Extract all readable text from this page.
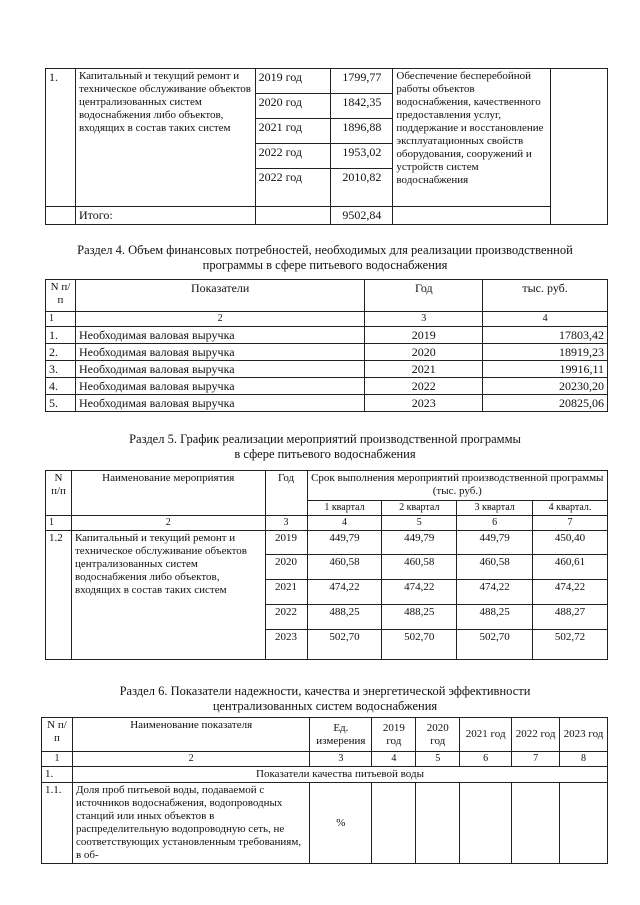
1.	Капитальный и текущий ремонт и техническое обслуживание объектов централизованных систем водоснабжения либо объектов, входящих в состав таких систем	2019 год	1799,77	Обеспечение бесперебойной работы объектов водоснабжения, качественного предоставления услуг, поддержание и восстановление эксплуатационных свойств оборудования, сооружений и устройств систем водоснабжения	
		2020 год	1842,35		
		2021 год	1896,88		
		2022 год	1953,02		
		2022 год	2010,82		
	Итого:		9502,84		
Раздел 4. Объем финансовых потребностей, необходимых для реализации производственной
программы в сфере питьевого водоснабжения
N п/п	Показатели	Год	тыс. руб.
1	2	3	4
1.	Необходимая валовая выручка	2019	17803,42
2.	Необходимая валовая выручка	2020	18919,23
3.	Необходимая валовая выручка	2021	19916,11
4.	Необходимая валовая выручка	2022	20230,20
5.	Необходимая валовая выручка	2023	20825,06
Раздел 5. График реализации мероприятий производственной программы
в сфере питьевого водоснабжения
N п/п	Наименование мероприятия	Год	Срок выполнения мероприятий производственной программы (тыс. руб.)			
			1 квартал	2 квартал	3 квартал	4 квартал.
1	2	3	4	5	6	7
1.2	Капитальный и текущий ремонт и техническое обслуживание объектов централизованных систем водоснабжения либо объектов, входящих в состав таких систем	2019	449,79	449,79	449,79	450,40
		2020	460,58	460,58	460,58	460,61
		2021	474,22	474,22	474,22	474,22
		2022	488,25	488,25	488,25	488,27
		2023	502,70	502,70	502,70	502,72
Раздел 6. Показатели надежности, качества и энергетической эффективности
централизованных систем водоснабжения
N п/п	Наименование показателя	Ед. измерения	2019 год	2020 год	2021 год	2022 год	2023 год
1	2	3	4	5	6	7	8
1.	Показатели качества питьевой воды						
1.1.	Доля проб питьевой воды, подаваемой с источников водоснабжения, водопроводных станций или иных объектов в распределительную водопроводную сеть, не соответствующих установленным требованиям, в об-	%					
